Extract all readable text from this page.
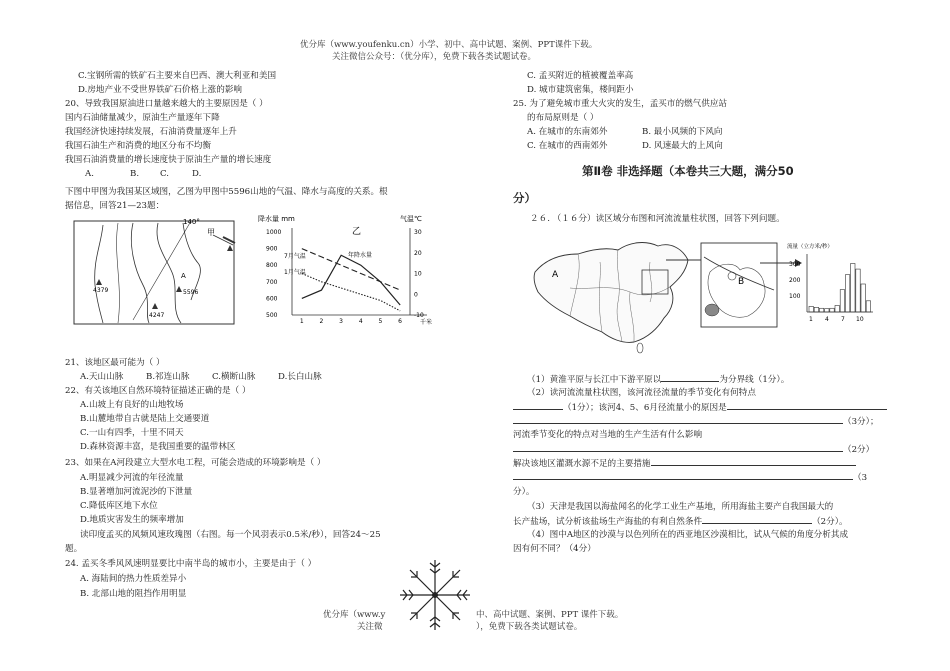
优分库（www.youfenku.cn）小学、初中、高中试题、案例、PPT课件下载。
关注微信公众号：（优分库），免费下载各类试题试卷。
C.宝钢所需的铁矿石主要来自巴西、澳大利亚和美国
D.房地产业不受世界铁矿石价格上涨的影响
20、导致我国原油进口量越来越大的主要原因是（ ）
国内石油储量减少，原油生产量逐年下降
我国经济快速持续发展，石油消费量逐年上升
我国石油生产和消费的地区分布不均衡
我国石油消费量的增长速度快于原油生产量的增长速度
A.	B. C.	D.
下图中甲图为我国某区域图，乙图为甲图中5596山地的气温、降水与高度的关系。根
据信息，回答21—23题：
140°
甲
A
4379	5596
4247
降水量 mm	气温℃
乙
1000
900
800
700
600
500
30
20
10
0
-10
1	2	3	4	5	6	千米
7月气温
1月气温
年降水量
21、该地区最可能为（ ）
A.天山山脉	B.祁连山脉	C.横断山脉	D.长白山脉
22、有关该地区自然环境特征描述正确的是（ ）
A.山坡上有良好的山地牧场
B.山麓地带自古就是陆上交通要道
C.一山有四季，十里不同天
D.森林资源丰富，是我国重要的温带林区
23、如果在A河段建立大型水电工程，可能会造成的环境影响是（ ）
A.明显减少河流的年径流量
B.显著增加河流泥沙的下泄量
C.降低库区地下水位
D.地质灾害发生的频率增加
读印度孟买的风频风速玫瑰图（右图。每一个风羽表示0.5米/秒），回答24～25
题。
24. 孟买冬季风风速明显要比中南半岛的城市小，主要是由于（ ）
A. 海陆间的热力性质差异小
B. 北部山地的阻挡作用明显
优分库（www.y	中、高中试题、案例、PPT 课件下载。
关注微	），免费下载各类试题试卷。
C. 孟买附近的植被覆盖率高
D. 城市建筑密集，楼间距小
25. 为了避免城市重大火灾的发生，孟买市的燃气供应站
的布局原则是（ ）
A. 在城市的东南郊外	B. 最小风频的下风向
C. 在城市的西南郊外	D. 风速最大的上风向
第Ⅱ卷 非选择题（本卷共三大题，满分50
分）
２６. （１６分）读区域分布图和河流流量柱状图，回答下列问题。
A
B
流量（立方米/秒）
300
200
100
1 4 7 10
（1）黄淮平原与长江中下游平原以	为分界线（1分）。
（2）读河流流量柱状图，该河流径流量的季节变化有何特点
（1分）；该河4、5、6月径流量小的原因是
（3分）；
河流季节变化的特点对当地的生产生活有什么影响
（2分）
解决该地区灌溉水源不足的主要措施
（3
分）。
（3）天津是我国以海盐闻名的化学工业生产基地，所用海盐主要产自我国最大的
长产盐场，试分析该盐场生产海盐的有利自然条件	（2分）。
（4）图中A地区的沙漠与以色列所在的西亚地区沙漠相比，试从气候的角度分析其成
因有何不同？（4分）
